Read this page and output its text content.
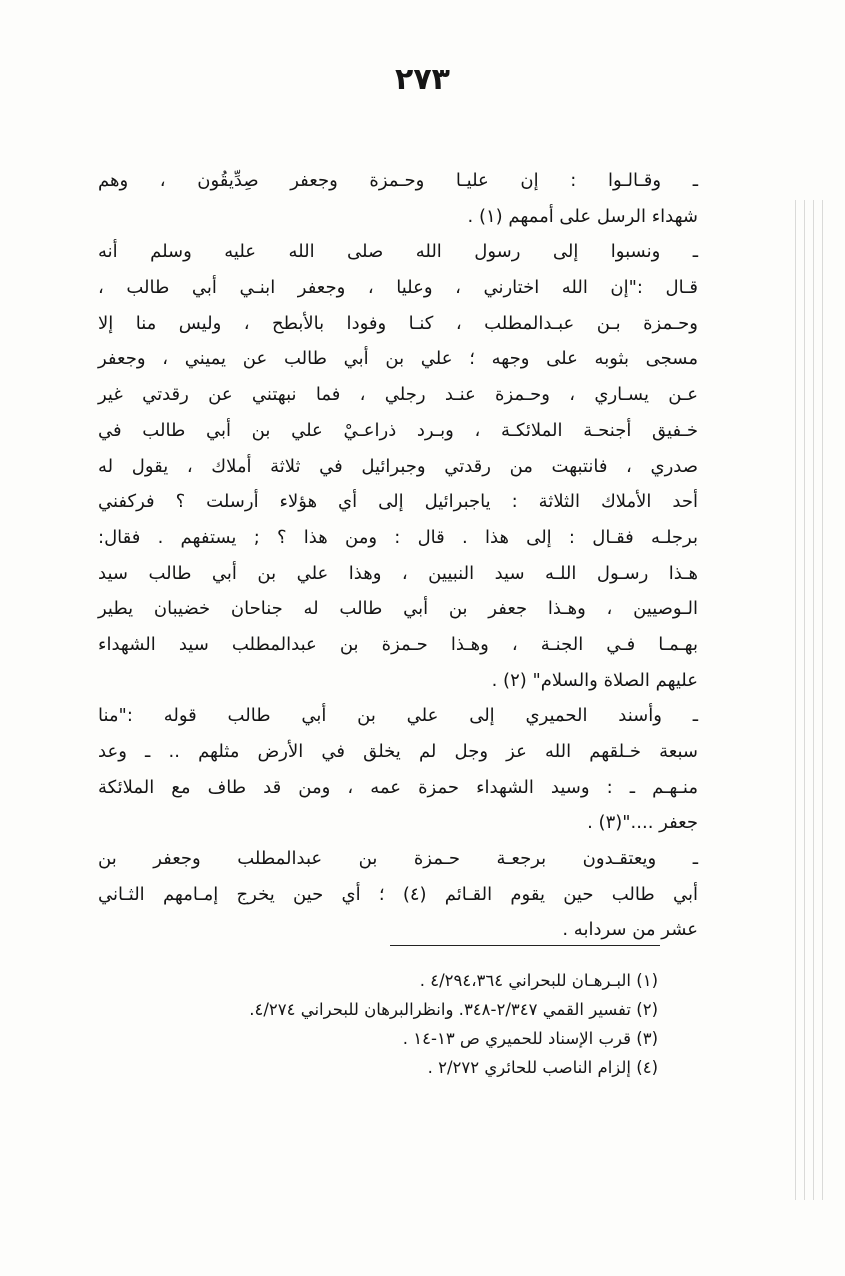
٢٧٣
ـ وقـالـوا : إن عليـا وحـمزة وجعفر صِدِّيقُون ، وهم
شهداء الرسل على أممهم (١) .
ـ ونسبوا إلى رسول الله صلى الله عليه وسلم أنه
قـال :"إن الله اختارني ، وعليا ، وجعفر ابنـي أبي طالب ،
وحـمزة بـن عبـدالمطلب ، كنـا وفودا بالأبطح ، وليس منا إلا
مسجى بثوبه على وجهه ؛ علي بن أبي طالب عن يميني ، وجعفر
عـن يسـاري ، وحـمزة عنـد رجلي ، فما نبهتني عن رقدتي غير
خـفيق أجنحـة الملائكـة ، وبـرد ذراعـيْ علي بن أبي طالب في
صدري ، فانتبهت من رقدتي وجبرائيل في ثلاثة أملاك ، يقول له
أحد الأملاك الثلاثة : ياجبرائيل إلى أي هؤلاء أرسلت ؟ فركفني
برجلـه فقـال : إلى هذا . قال : ومن هذا ؟ ; يستفهم . فقال:
هـذا رسـول اللـه سيد النبيين ، وهذا علي بن أبي طالب سيد
الـوصيين ، وهـذا جعفر بن أبي طالب له جناحان خضيبان يطير
بهـمـا فـي الجنـة ، وهـذا حـمزة بن عبدالمطلب سيد الشهداء
عليهم الصلاة والسلام" (٢) .
ـ وأسند الحميري إلى علي بن أبي طالب قوله :"منا
سبعة خـلقهم الله عز وجل لم يخلق في الأرض مثلهم .. ـ وعد
منـهـم ـ : وسيد الشهداء حمزة عمه ، ومن قد طاف مع الملائكة
جعفر ...."(٣) .
ـ ويعتقـدون برجعـة حـمزة بن عبدالمطلب وجعفر بن
أبي طالب حين يقوم القـائم (٤) ؛ أي حين يخرج إمـامهم الثـاني
عشر من سردابه .
(١) البـرهـان للبحراني ٤/٢٩٤،٣٦٤ .
(٢) تفسير القمي ٢/٣٤٧-٣٤٨. وانظرالبرهان للبحراني ٤/٢٧٤.
(٣) قرب الإسناد للحميري ص ١٣-١٤ .
(٤) إلزام الناصب للحائري ٢/٢٧٢ .
